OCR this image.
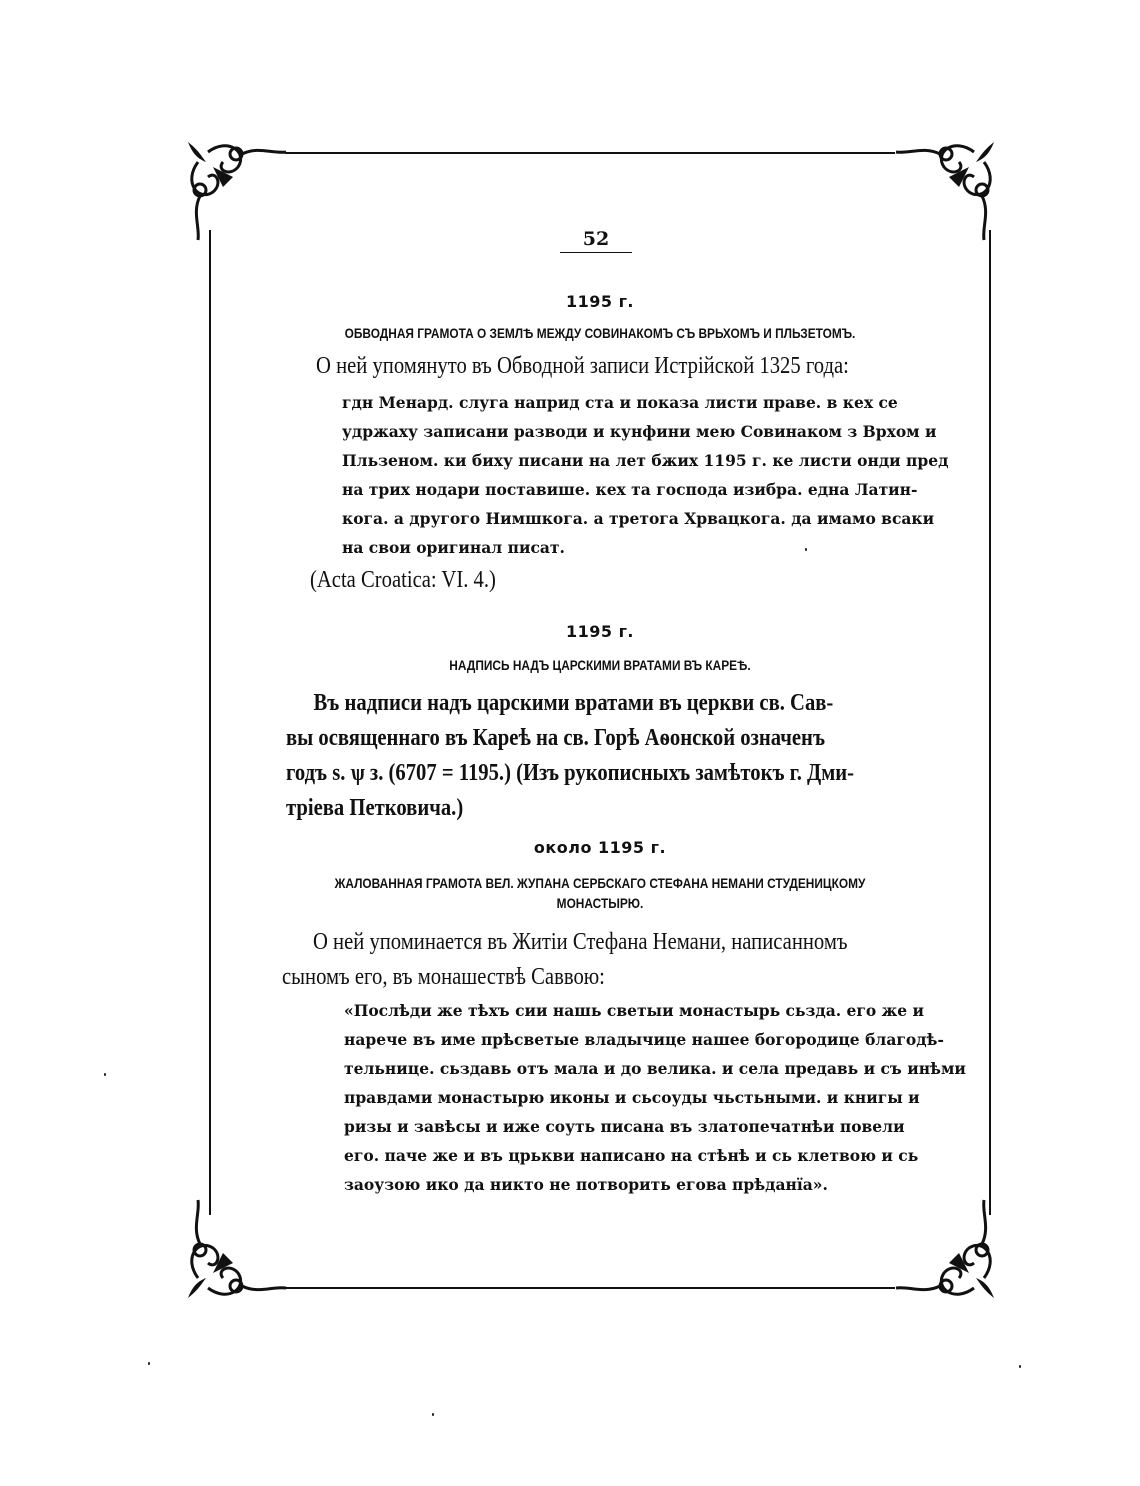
52
1195 г.
ОБВОДНАЯ ГРАМОТА О ЗЕМЛѢ МЕЖДУ СОВИНАКОМЪ СЪ ВРЬХОМЪ И ПЛЬЗЕТОМЪ.
О ней упомянуто въ Обводной записи Истрійской 1325 года:
гдн Менард. слуга наприд ста и показа листи праве. в кех се
удржаху записани разводи и кунфини мею Совинаком з Врхом и
Пльзеном. ки биху писани на лет бжих 1195 г. ке листи онди пред
на трих нодари поставише. кех та господа изибра. една Латин-
кога. а другого Нимшкога. а третога Хрвацкога. да имамо всаки
на свои оригинал писат.
(Acta Croatica: VI. 4.)
1195 г.
НАДПИСЬ НАДЪ ЦАРСКИМИ ВРАТАМИ ВЪ КАРЕѢ.
Въ надписи надъ царскими вратами въ церкви св. Сав-
вы освященнаго въ Кареѣ на св. Горѣ Аѳонской означенъ
годъ ѕ. ѱ з. (6707 = 1195.) (Изъ рукописныхъ замѣтокъ г. Дми-
тріева Петковича.)
около 1195 г.
ЖАЛОВАННАЯ ГРАМОТА ВЕЛ. ЖУПАНА СЕРБСКАГО СТЕФАНА НЕМАНИ СТУДЕНИЦКОМУ
МОНАСТЫРЮ.
О ней упоминается въ Житіи Стефана Немани, написанномъ
сыномъ его, въ монашествѣ Саввою:
«Послѣди же тѣхъ сии нашь светыи монастырь сьзда. его же и
нарече въ име прѣсветые владычице нашее богородице благодѣ-
тельнице. сьздавь отъ мала и до велика. и села предавь и съ инѣми
правдами монастырю иконы и сьсоуды чьстьными. и книгы и
ризы и завѣсы и иже соуть писана въ златопечатнѣи повели
его. паче же и въ црькви написано на стѣнѣ и сь клетвою и сь
заоузою ико да никто не потворить егова прѣданїа».
